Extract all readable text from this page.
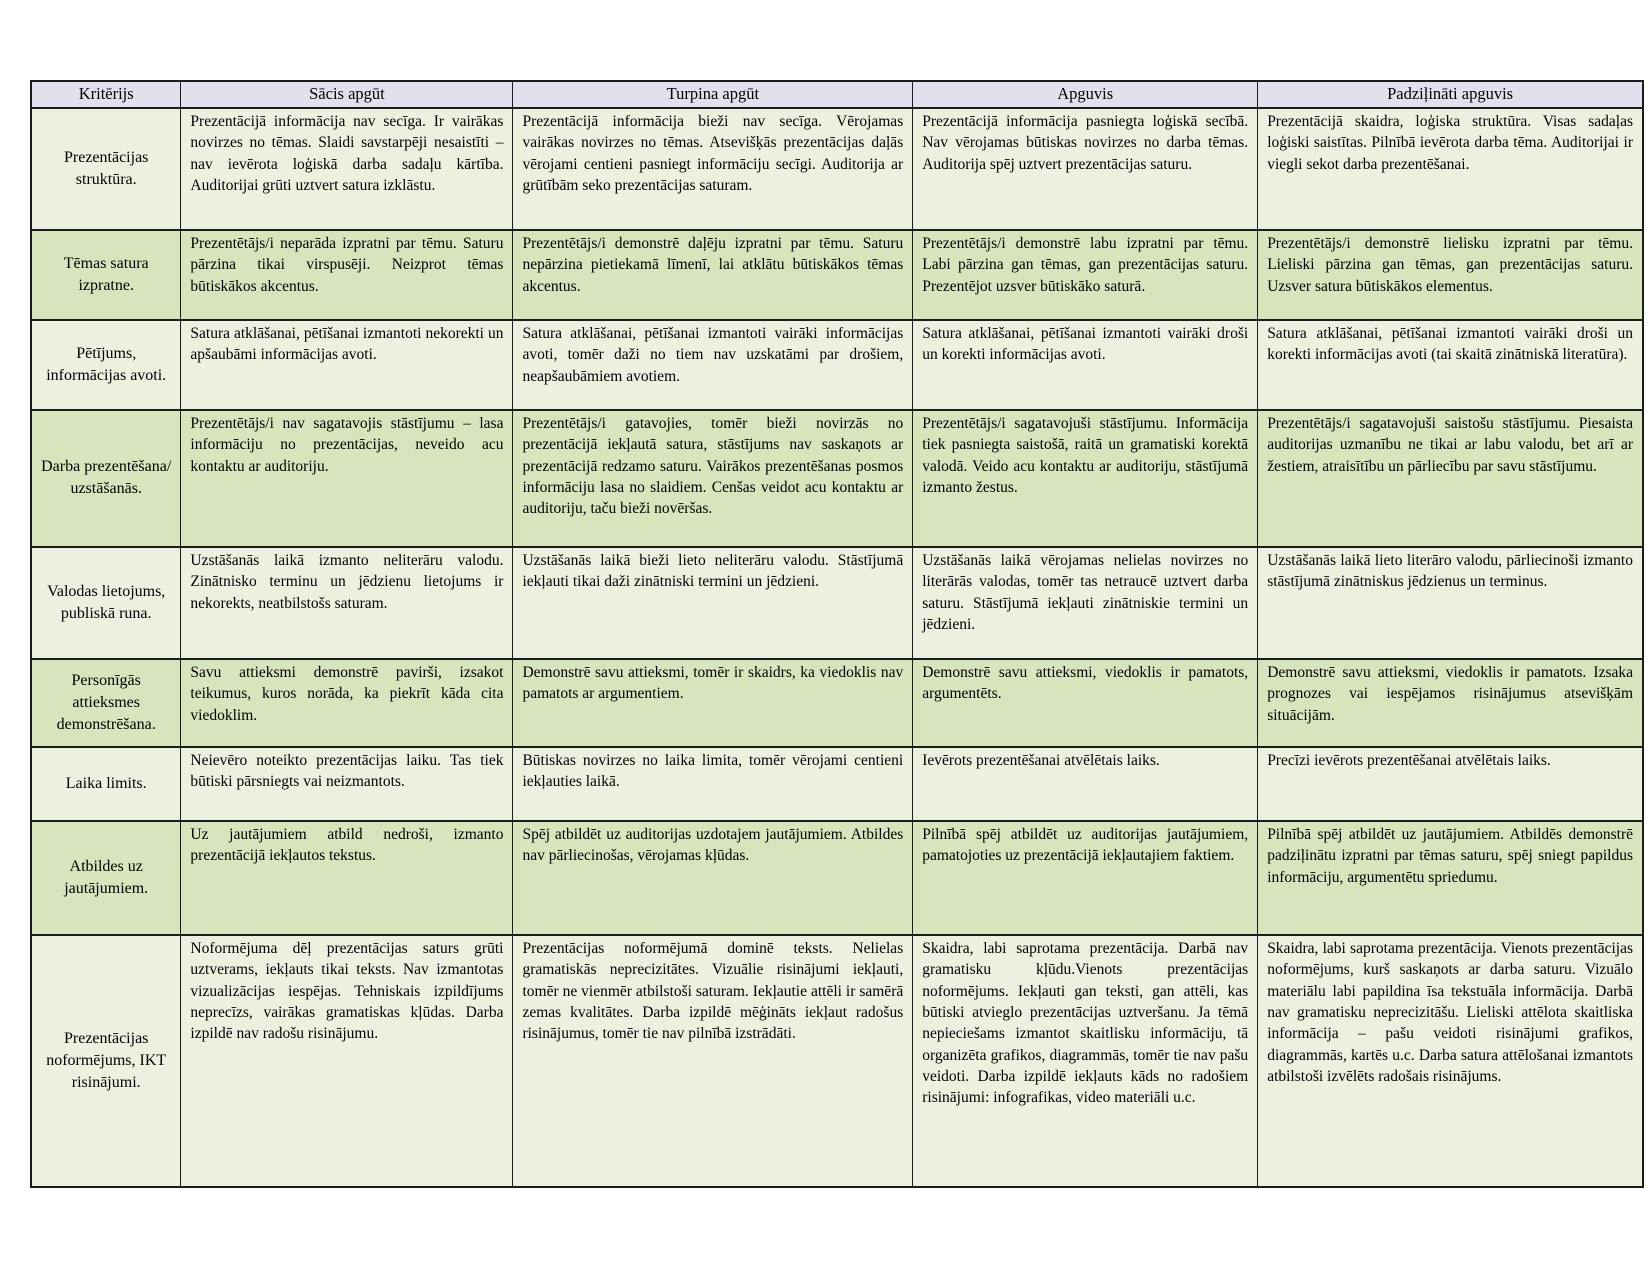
Kritērijs	Sācis apgūt	Turpina apgūt	Apguvis	Padziļināti apguvis
Prezentācijas struktūra.	Prezentācijā informācija nav secīga. Ir vairākas novirzes no tēmas. Slaidi savstarpēji nesaistīti – nav ievērota loģiskā darba sadaļu kārtība. Auditorijai grūti uztvert satura izklāstu.	Prezentācijā informācija bieži nav secīga. Vērojamas vairākas novirzes no tēmas. Atsevišķās prezentācijas daļās vērojami centieni pasniegt informāciju secīgi. Auditorija ar grūtībām seko prezentācijas saturam.	Prezentācijā informācija pasniegta loģiskā secībā. Nav vērojamas būtiskas novirzes no darba tēmas. Auditorija spēj uztvert prezentācijas saturu.	Prezentācijā skaidra, loģiska struktūra. Visas sadaļas loģiski saistītas. Pilnībā ievērota darba tēma. Auditorijai ir viegli sekot darba prezentēšanai.
Tēmas satura izpratne.	Prezentētājs/i neparāda izpratni par tēmu. Saturu pārzina tikai virspusēji. Neizprot tēmas būtiskākos akcentus.	Prezentētājs/i demonstrē daļēju izpratni par tēmu. Saturu nepārzina pietiekamā līmenī, lai atklātu būtiskākos tēmas akcentus.	Prezentētājs/i demonstrē labu izpratni par tēmu. Labi pārzina gan tēmas, gan prezentācijas saturu. Prezentējot uzsver būtiskāko saturā.	Prezentētājs/i demonstrē lielisku izpratni par tēmu. Lieliski pārzina gan tēmas, gan prezentācijas saturu. Uzsver satura būtiskākos elementus.
Pētījums, informācijas avoti.	Satura atklāšanai, pētīšanai izmantoti nekorekti un apšaubāmi informācijas avoti.	Satura atklāšanai, pētīšanai izmantoti vairāki informācijas avoti, tomēr daži no tiem nav uzskatāmi par drošiem, neapšaubāmiem avotiem.	Satura atklāšanai, pētīšanai izmantoti vairāki droši un korekti informācijas avoti.	Satura atklāšanai, pētīšanai izmantoti vairāki droši un korekti informācijas avoti (tai skaitā zinātniskā literatūra).
Darba prezentēšana/ uzstāšanās.	Prezentētājs/i nav sagatavojis stāstījumu – lasa informāciju no prezentācijas, neveido acu kontaktu ar auditoriju.	Prezentētājs/i gatavojies, tomēr bieži novirzās no prezentācijā iekļautā satura, stāstījums nav saskaņots ar prezentācijā redzamo saturu. Vairākos prezentēšanas posmos informāciju lasa no slaidiem. Cenšas veidot acu kontaktu ar auditoriju, taču bieži novēršas.	Prezentētājs/i sagatavojuši stāstījumu. Informācija tiek pasniegta saistošā, raitā un gramatiski korektā valodā. Veido acu kontaktu ar auditoriju, stāstījumā izmanto žestus.	Prezentētājs/i sagatavojuši saistošu stāstījumu. Piesaista auditorijas uzmanību ne tikai ar labu valodu, bet arī ar žestiem, atraisītību un pārliecību par savu stāstījumu.
Valodas lietojums, publiskā runa.	Uzstāšanās laikā izmanto neliterāru valodu. Zinātnisko terminu un jēdzienu lietojums ir nekorekts, neatbilstošs saturam.	Uzstāšanās laikā bieži lieto neliterāru valodu. Stāstījumā iekļauti tikai daži zinātniski termini un jēdzieni.	Uzstāšanās laikā vērojamas nelielas novirzes no literārās valodas, tomēr tas netraucē uztvert darba saturu. Stāstījumā iekļauti zinātniskie termini un jēdzieni.	Uzstāšanās laikā lieto literāro valodu, pārliecinoši izmanto stāstījumā zinātniskus jēdzienus un terminus.
Personīgās attieksmes demonstrēšana.	Savu attieksmi demonstrē pavirši, izsakot teikumus, kuros norāda, ka piekrīt kāda cita viedoklim.	Demonstrē savu attieksmi, tomēr ir skaidrs, ka viedoklis nav pamatots ar argumentiem.	Demonstrē savu attieksmi, viedoklis ir pamatots, argumentēts.	Demonstrē savu attieksmi, viedoklis ir pamatots. Izsaka prognozes vai iespējamos risinājumus atsevišķām situācijām.
Laika limits.	Neievēro noteikto prezentācijas laiku. Tas tiek būtiski pārsniegts vai neizmantots.	Būtiskas novirzes no laika limita, tomēr vērojami centieni iekļauties laikā.	Ievērots prezentēšanai atvēlētais laiks.	Precīzi ievērots prezentēšanai atvēlētais laiks.
Atbildes uz jautājumiem.	Uz jautājumiem atbild nedroši, izmanto prezentācijā iekļautos tekstus.	Spēj atbildēt uz auditorijas uzdotajem jautājumiem. Atbildes nav pārliecinošas, vērojamas kļūdas.	Pilnībā spēj atbildēt uz auditorijas jautājumiem, pamatojoties uz prezentācijā iekļautajiem faktiem.	Pilnībā spēj atbildēt uz jautājumiem. Atbildēs demonstrē padziļinātu izpratni par tēmas saturu, spēj sniegt papildus informāciju, argumentētu spriedumu.
Prezentācijas noformējums, IKT risinājumi.	Noformējuma dēļ prezentācijas saturs grūti uztverams, iekļauts tikai teksts. Nav izmantotas vizualizācijas iespējas. Tehniskais izpildījums neprecīzs, vairākas gramatiskas kļūdas. Darba izpildē nav radošu risinājumu.	Prezentācijas noformējumā dominē teksts. Nelielas gramatiskās neprecizitātes. Vizuālie risinājumi iekļauti, tomēr ne vienmēr atbilstoši saturam. Iekļautie attēli ir samērā zemas kvalitātes. Darba izpildē mēģināts iekļaut radošus risinājumus, tomēr tie nav pilnībā izstrādāti.	Skaidra, labi saprotama prezentācija. Darbā nav gramatisku kļūdu.Vienots prezentācijas noformējums. Iekļauti gan teksti, gan attēli, kas būtiski atvieglo prezentācijas uztveršanu. Ja tēmā nepieciešams izmantot skaitlisku informāciju, tā organizēta grafikos, diagrammās, tomēr tie nav pašu veidoti. Darba izpildē iekļauts kāds no radošiem risinājumi: infografikas, video materiāli u.c.	Skaidra, labi saprotama prezentācija. Vienots prezentācijas noformējums, kurš saskaņots ar darba saturu. Vizuālo materiālu labi papildina īsa tekstuāla informācija. Darbā nav gramatisku neprecizitāšu. Lieliski attēlota skaitliska informācija – pašu veidoti risinājumi grafikos, diagrammās, kartēs u.c. Darba satura attēlošanai izmantots atbilstoši izvēlēts radošais risinājums.
